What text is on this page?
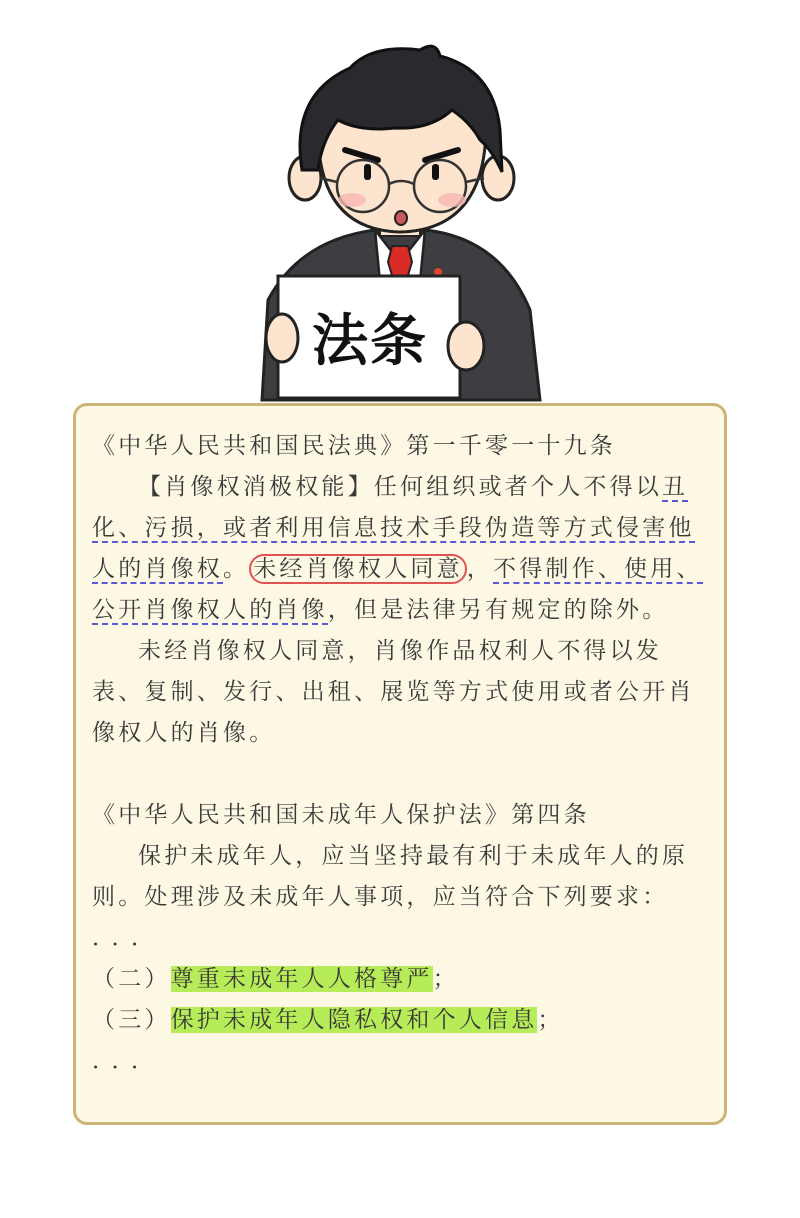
法条

《中华人民共和国民法典》第一千零一十九条

【肖像权消极权能】任何组织或者个人不得以丑化、污损，或者利用信息技术手段伪造等方式侵害他人的肖像权。 未经肖像权人同意 ，不得制作、使用、公开肖像权人的肖像，但是法律另有规定的除外。

未经肖像权人同意，肖像作品权利人不得以发表、复制、发行、出租、展览等方式使用或者公开肖像权人的肖像。

《中华人民共和国未成年人保护法》第四条

保护未成年人，应当坚持最有利于未成年人的原则。处理涉及未成年人事项，应当符合下列要求：

．．．

（二）尊重未成年人人格尊严；

（三）保护未成年人隐私权和个人信息；

．．．
